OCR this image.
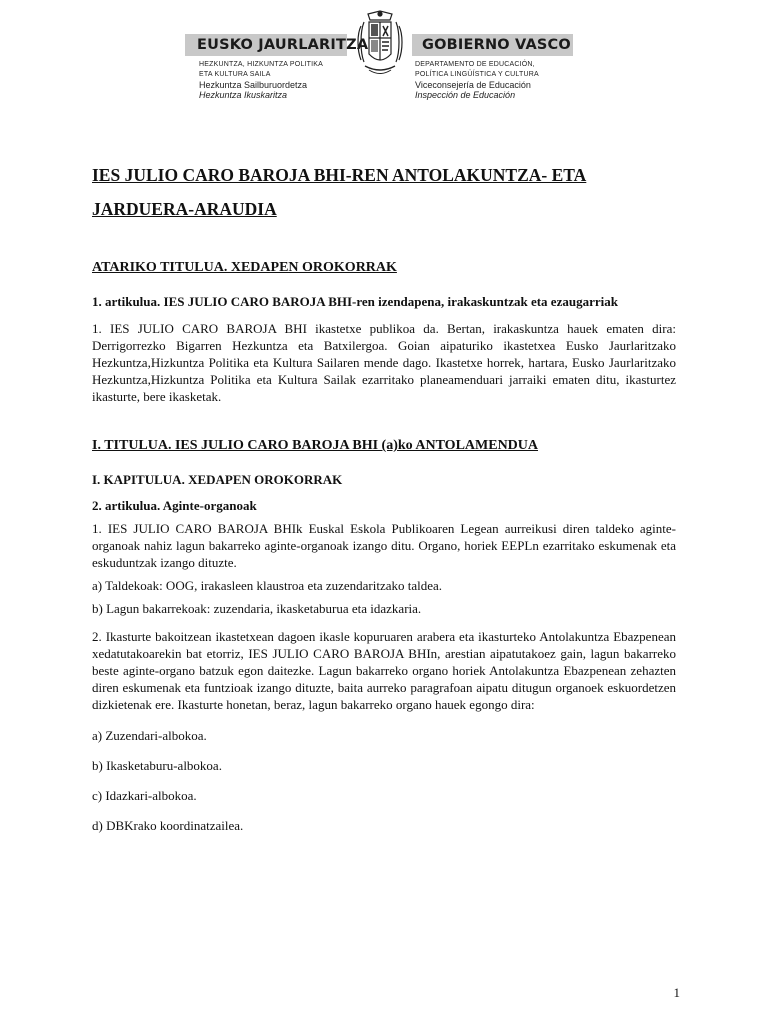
EUSKO JAURLARITZA	GOBIERNO VASCO
HEZKUNTZA, HIZKUNTZA POLITIKA
ETA KULTURA SAILA
Hezkuntza Sailburuordetza
Hezkuntza Ikuskaritza
DEPARTAMENTO DE EDUCACIÓN,
POLÍTICA LINGÜÍSTICA Y CULTURA
Viceconsejería de Educación
Inspección de Educación

IES JULIO CARO BAROJA BHI-REN ANTOLAKUNTZA- ETA

JARDUERA-ARAUDIA

ATARIKO TITULUA. XEDAPEN OROKORRAK

1. artikulua. IES JULIO CARO BAROJA BHI-ren izendapena, irakaskuntzak eta ezaugarriak

1. IES JULIO CARO BAROJA BHI ikastetxe publikoa da. Bertan, irakaskuntza hauek ematen dira: Derrigorrezko Bigarren Hezkuntza eta Batxilergoa. Goian aipaturiko ikastetxea Eusko Jaurlaritzako Hezkuntza,Hizkuntza Politika eta Kultura Sailaren mende dago. Ikastetxe horrek, hartara, Eusko Jaurlaritzako Hezkuntza,Hizkuntza Politika eta Kultura Sailak ezarritako planeamenduari jarraiki ematen ditu, ikasturtez ikasturte, bere ikasketak.

I. TITULUA. IES JULIO CARO BAROJA BHI (a)ko ANTOLAMENDUA

I. KAPITULUA. XEDAPEN OROKORRAK

2. artikulua. Aginte-organoak

1. IES JULIO CARO BAROJA BHIk Euskal Eskola Publikoaren Legean aurreikusi diren taldeko aginte-organoak nahiz lagun bakarreko aginte-organoak izango ditu. Organo, horiek EEPLn ezarritako eskumenak eta eskuduntzak izango dituzte.

a) Taldekoak: OOG, irakasleen klaustroa eta zuzendaritzako taldea.

b) Lagun bakarrekoak: zuzendaria, ikasketaburua eta idazkaria.

2. Ikasturte bakoitzean ikastetxean dagoen ikasle kopuruaren arabera eta ikasturteko Antolakuntza Ebazpenean xedatutakoarekin bat etorriz, IES JULIO CARO BAROJA BHIn, arestian aipatutakoez gain, lagun bakarreko beste aginte-organo batzuk egon daitezke. Lagun bakarreko organo horiek Antolakuntza Ebazpenean zehazten diren eskumenak eta funtzioak izango dituzte, baita aurreko paragrafoan aipatu ditugun organoek eskuordetzen dizkietenak ere. Ikasturte honetan, beraz, lagun bakarreko organo hauek egongo dira:

a) Zuzendari-albokoa.

b) Ikasketaburu-albokoa.

c) Idazkari-albokoa.

d) DBKrako koordinatzailea.

1
